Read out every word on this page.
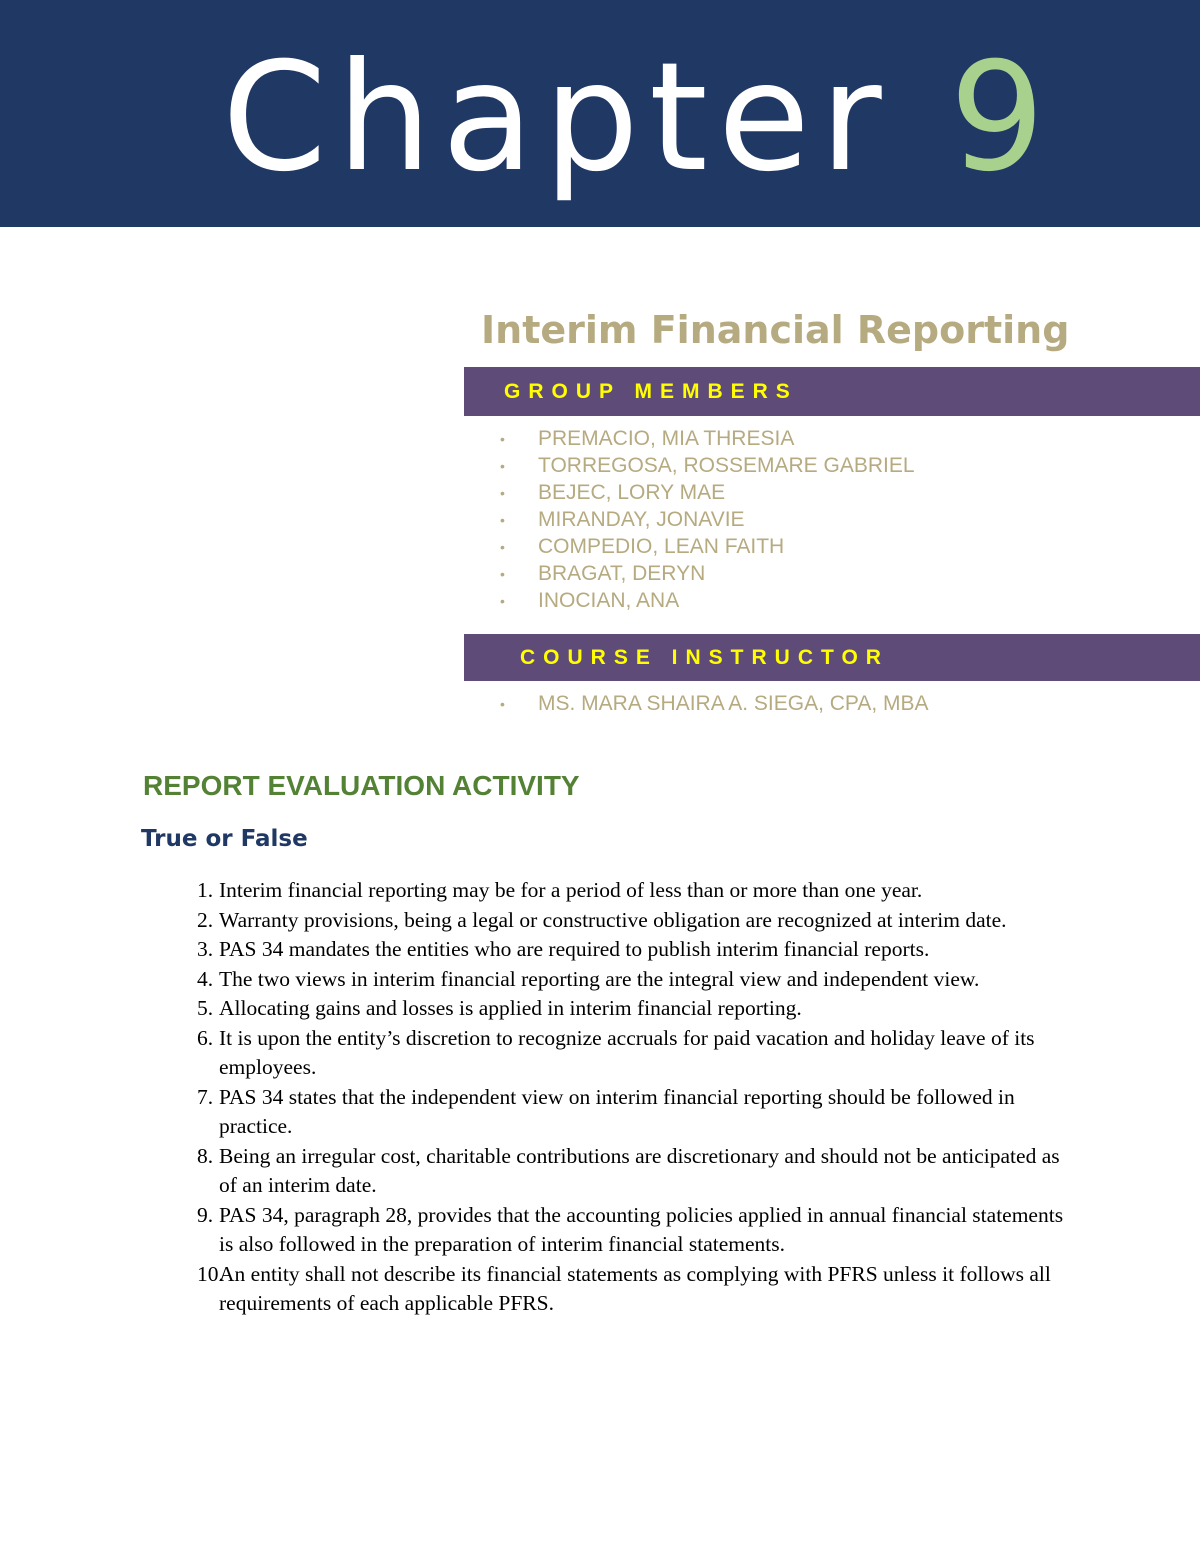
Chapter 9
Interim Financial Reporting
GROUP MEMBERS
• PREMACIO, MIA THRESIA
• TORREGOSA, ROSSEMARE GABRIEL
• BEJEC, LORY MAE
• MIRANDAY, JONAVIE
• COMPEDIO, LEAN FAITH
• BRAGAT, DERYN
• INOCIAN, ANA
COURSE INSTRUCTOR
• MS. MARA SHAIRA A. SIEGA, CPA, MBA
REPORT EVALUATION ACTIVITY
True or False
1. Interim financial reporting may be for a period of less than or more than one year.
2. Warranty provisions, being a legal or constructive obligation are recognized at interim date.
3. PAS 34 mandates the entities who are required to publish interim financial reports.
4. The two views in interim financial reporting are the integral view and independent view.
5. Allocating gains and losses is applied in interim financial reporting.
6. It is upon the entity’s discretion to recognize accruals for paid vacation and holiday leave of its employees.
7. PAS 34 states that the independent view on interim financial reporting should be followed in practice.
8. Being an irregular cost, charitable contributions are discretionary and should not be anticipated as of an interim date.
9. PAS 34, paragraph 28, provides that the accounting policies applied in annual financial statements is also followed in the preparation of interim financial statements.
10.
An entity shall not describe its financial statements as complying with PFRS unless it follows all requirements of each applicable PFRS.
